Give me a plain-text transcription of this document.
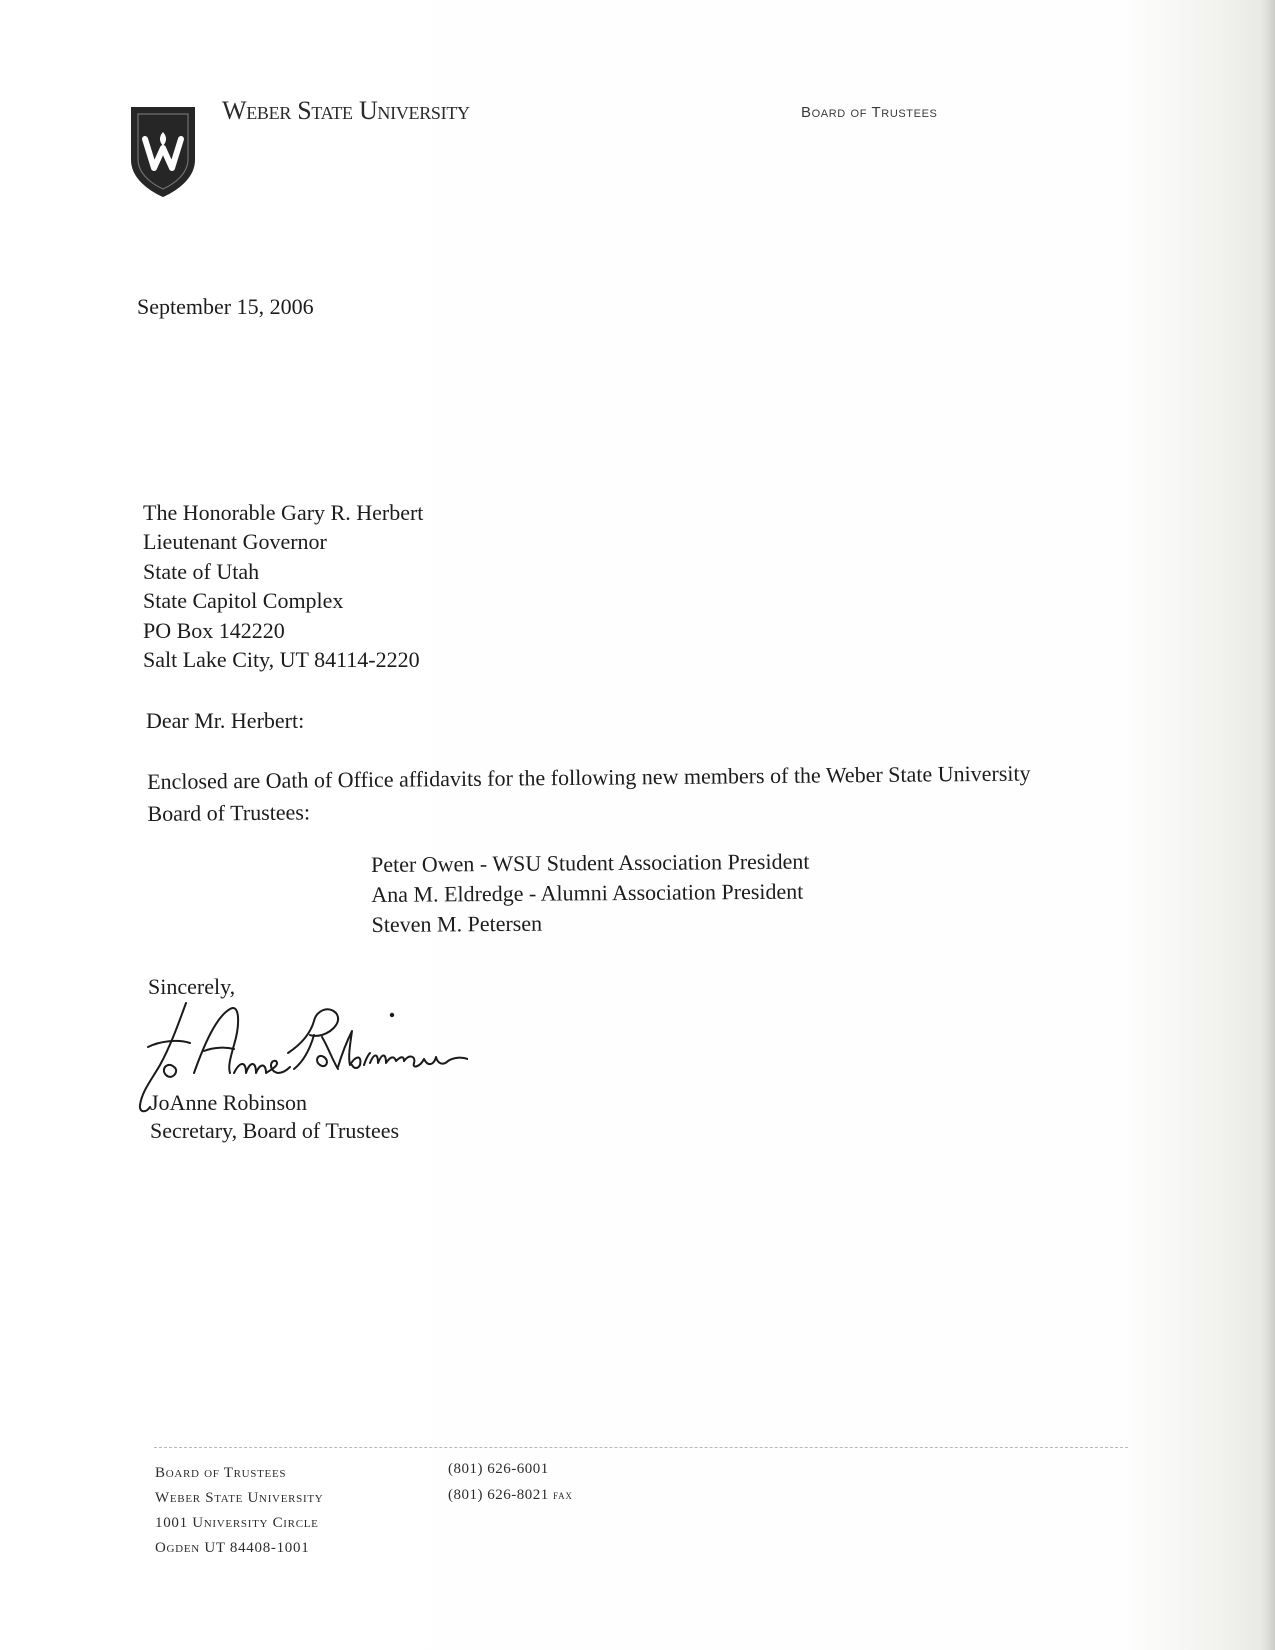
Weber State University	Board of Trustees
September 15, 2006
The Honorable Gary R. Herbert
Lieutenant Governor
State of Utah
State Capitol Complex
PO Box 142220
Salt Lake City, UT 84114-2220
Dear Mr. Herbert:
Enclosed are Oath of Office affidavits for the following new members of the Weber State University Board of Trustees:
Peter Owen - WSU Student Association President
Ana M. Eldredge - Alumni Association President
Steven M. Petersen
Sincerely,
JoAnne Robinson
Secretary, Board of Trustees
Board of Trustees
Weber State University
1001 University Circle
Ogden UT 84408-1001
(801) 626-6001
(801) 626-8021 fax
